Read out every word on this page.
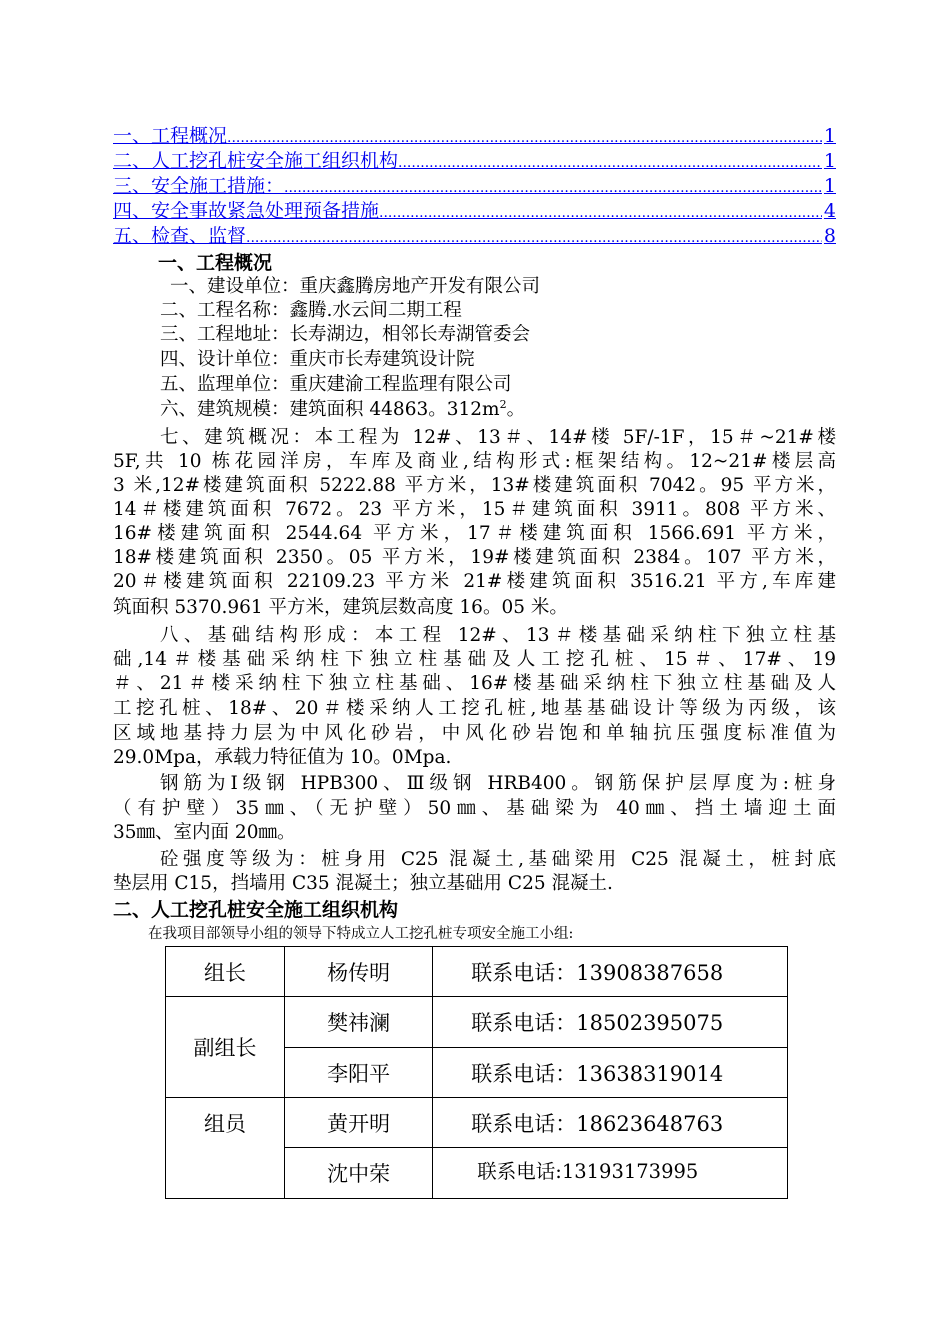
一、工程概况 .....	1
二、人工挖孔桩安全施工组织机构 .....	1
三、安全施工措施： .....	1
四、安全事故紧急处理预备措施 .....	4
五、检查、监督 .....	8
一、工程概况
一、建设单位：重庆鑫腾房地产开发有限公司
二、工程名称：鑫腾.水云间二期工程
三、工程地址：长寿湖边，相邻长寿湖管委会
四、设计单位：重庆市长寿建筑设计院
五、监理单位：重庆建渝工程监理有限公司
六、建筑规模：建筑面积 44863。$312m^2$。
七、建筑概况：本工程为 12#、13＃、14#楼 5F/-1F，15＃~21#楼
5F,共 10 栋花园洋房，车库及商业,结构形式:框架结构。12~21#楼层高
3 米,12#楼建筑面积 5222.88 平方米，13#楼建筑面积 7042。95 平方米，
14＃楼建筑面积 7672。23 平方米，15＃建筑面积 3911。808 平方米、
16#楼建筑面积 2544.64 平方米，17＃楼建筑面积 1566.691 平方米，
18#楼建筑面积 2350。05 平方米，19#楼建筑面积 2384。107 平方米，
20＃楼建筑面积 22109.23 平方米 21#楼建筑面积 3516.21 平方,车库建
筑面积 5370.961 平方米，建筑层数高度 16。05 米。
八、基础结构形成：本工程 12#、13＃楼基础采纳柱下独立柱基
础,14＃楼基础采纳柱下独立柱基础及人工挖孔桩、15＃、17#、19
＃、21＃楼采纳柱下独立柱基础、16#楼基础采纳柱下独立柱基础及人
工挖孔桩、18#、20＃楼采纳人工挖孔桩,地基基础设计等级为丙级，该
区域地基持力层为中风化砂岩，中风化砂岩饱和单轴抗压强度标准值为
29.0Mpa，承载力特征值为 10。0Mpa.
钢筋为Ⅰ级钢 HPB300、Ⅲ级钢 HRB400。钢筋保护层厚度为:桩身
（有护壁）35㎜、（无护壁）50㎜、基础梁为 40㎜、挡土墙迎土面
35㎜、室内面 20㎜。
砼强度等级为：桩身用 C25 混凝土,基础梁用 C25 混凝土，桩封底
垫层用 C15，挡墙用 C35 混凝土；独立基础用 C25 混凝土.
二、人工挖孔桩安全施工组织机构
在我项目部领导小组的领导下特成立人工挖孔桩专项安全施工小组:
组长	杨传明	联系电话：13908387658
副组长	樊祎澜	联系电话：18502395075
	李阳平	联系电话：13638319014
组员	黄开明	联系电话：18623648763
	沈中荣	联系电话:13193173995
